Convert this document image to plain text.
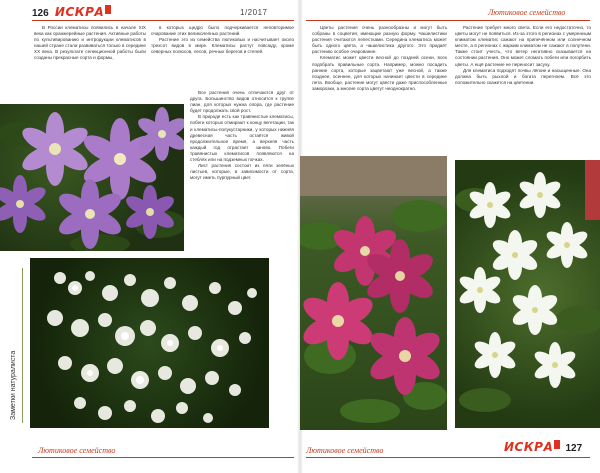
126 ИСКРА	1/2017

В России клематисы появились в начале XIX века как оранжерейные растения. Активные работы по культивированию и интродукции клематисов в нашей стране стали развиваться только в середине XX века. В результате селекционной работы были созданы прекрасные сорта и формы,

в которых щедро было подчеркивается неповторимое очарование этих великолепных растений.

Растение это из семейства лютиковых и насчитывает около трехсот видов в мире. Клематисы растут повсюду, кроме северных полюсов, лесов, речных берегов и степей.

Все растения очень отличаются друг от друга. Большинство видов относится к группе лиан, для которых нужна опора, где растение будет продолжать свой рост.

В природе есть как травянистые клематисы, побеги которых отмирают к концу вегетации, так и клематисы-полукустарники, у которых нижняя древесная часть остаётся живой продолжительное время, а верхняя часть каждый год отрастает заново. Побеги травянистых клематисов появляются на стеблях или на подземных почках.

Лист растения состоит из пяти зелёных листьев, которые, в зависимости от сорта, могут иметь пурпурный цвет.

Заметки натуралиста
Лютиковое семейство
Лютиковое семейство

Цветы растения очень разнообразны и могут быть собраны в соцветия, имеющие разную форму. Чашелистики растения считаются лепестками. Середина клематиса может быть одного цвета, а чашелистика другого. Это придаёт растению особое очарование.

Клематис может цвести весной до поздней осени, всех подобрать правильные сорта. Например, можно посадить ранние сорта, которые зацветают уже весной, а также позднее, осеннее, для которых начинает цвести в середине лета. Вообще, растение могут цвести даже приспособленные заморозки, а многие сорта цветут неоднократно.

Растение требует много света. Если его недостаточно, то цветы могут не появиться. Из-за этого в регионах с умеренным климатом клематис сажают на припечённом или солнечном месте, а в регионах с жарким климатом не сажают в полутени. Также стоит учесть, что ветер негативно сказывается на состоянии растения. Оно может сломать побеги или погорбить цветы. А ещё растение не переносит засуху.

Для клематиса подходят почвы лёгкие и насыщенные. Она должна быть рыхлой и богата перегноем. Всё это положительно скажется на цветении.

Лютиковое семейство	ИСКРА 127
